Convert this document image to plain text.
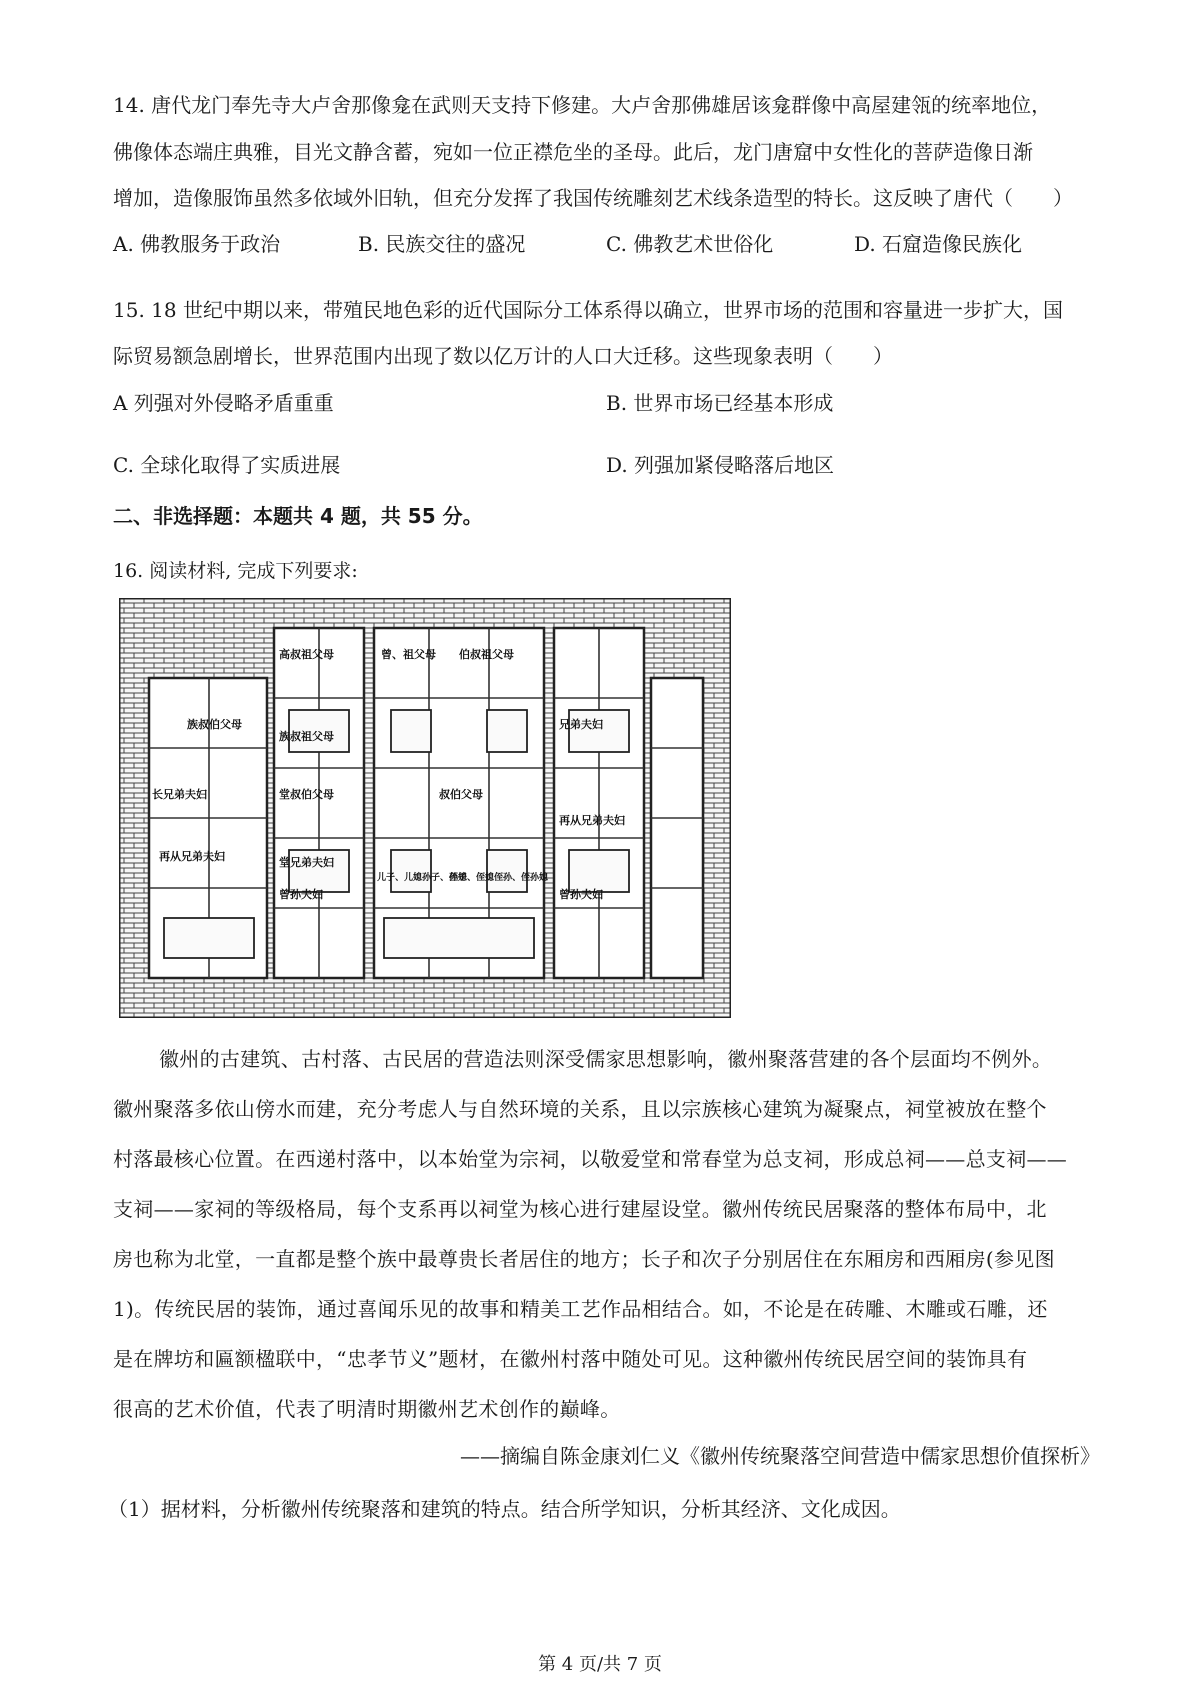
14. 唐代龙门奉先寺大卢舍那像龛在武则天支持下修建。大卢舍那佛雄居该龛群像中高屋建瓴的统率地位，
佛像体态端庄典雅，目光文静含蓄，宛如一位正襟危坐的圣母。此后，龙门唐窟中女性化的菩萨造像日渐
增加，造像服饰虽然多依域外旧轨，但充分发挥了我国传统雕刻艺术线条造型的特长。这反映了唐代（　　）
A. 佛教服务于政治	B. 民族交往的盛况	C. 佛教艺术世俗化	D. 石窟造像民族化
15. 18 世纪中期以来，带殖民地色彩的近代国际分工体系得以确立，世界市场的范围和容量进一步扩大，国
际贸易额急剧增长，世界范围内出现了数以亿万计的人口大迁移。这些现象表明（　　）
A 列强对外侵略矛盾重重	B. 世界市场已经基本形成
C. 全球化取得了实质进展	D. 列强加紧侵略落后地区
二、非选择题：本题共 4 题，共 55 分。
16. 阅读材料, 完成下列要求:
高叔祖父母
族叔祖父母
曾、祖父母 伯叔祖父母
族叔伯父母
堂叔伯父母	叔伯父母
堂兄弟夫妇
兄弟夫妇
长兄弟夫妇
曾孙夫妇	曾孙夫妇
儿子、儿媳孙子、孙媳
侄子、侄媳侄孙、侄孙媳
再从兄弟夫妇
再从兄弟夫妇
徽州的古建筑、古村落、古民居的营造法则深受儒家思想影响，徽州聚落营建的各个层面均不例外。
徽州聚落多依山傍水而建，充分考虑人与自然环境的关系，且以宗族核心建筑为凝聚点，祠堂被放在整个
村落最核心位置。在西递村落中，以本始堂为宗祠，以敬爱堂和常春堂为总支祠，形成总祠——总支祠——
支祠——家祠的等级格局，每个支系再以祠堂为核心进行建屋设堂。徽州传统民居聚落的整体布局中，北
房也称为北堂，一直都是整个族中最尊贵长者居住的地方；长子和次子分别居住在东厢房和西厢房(参见图
1)。传统民居的装饰，通过喜闻乐见的故事和精美工艺作品相结合。如，不论是在砖雕、木雕或石雕，还
是在牌坊和匾额楹联中，“忠孝节义”题材，在徽州村落中随处可见。这种徽州传统民居空间的装饰具有
很高的艺术价值，代表了明清时期徽州艺术创作的巅峰。
——摘编自陈金康刘仁义《徽州传统聚落空间营造中儒家思想价值探析》
（1）据材料，分析徽州传统聚落和建筑的特点。结合所学知识，分析其经济、文化成因。
第 4 页/共 7 页
